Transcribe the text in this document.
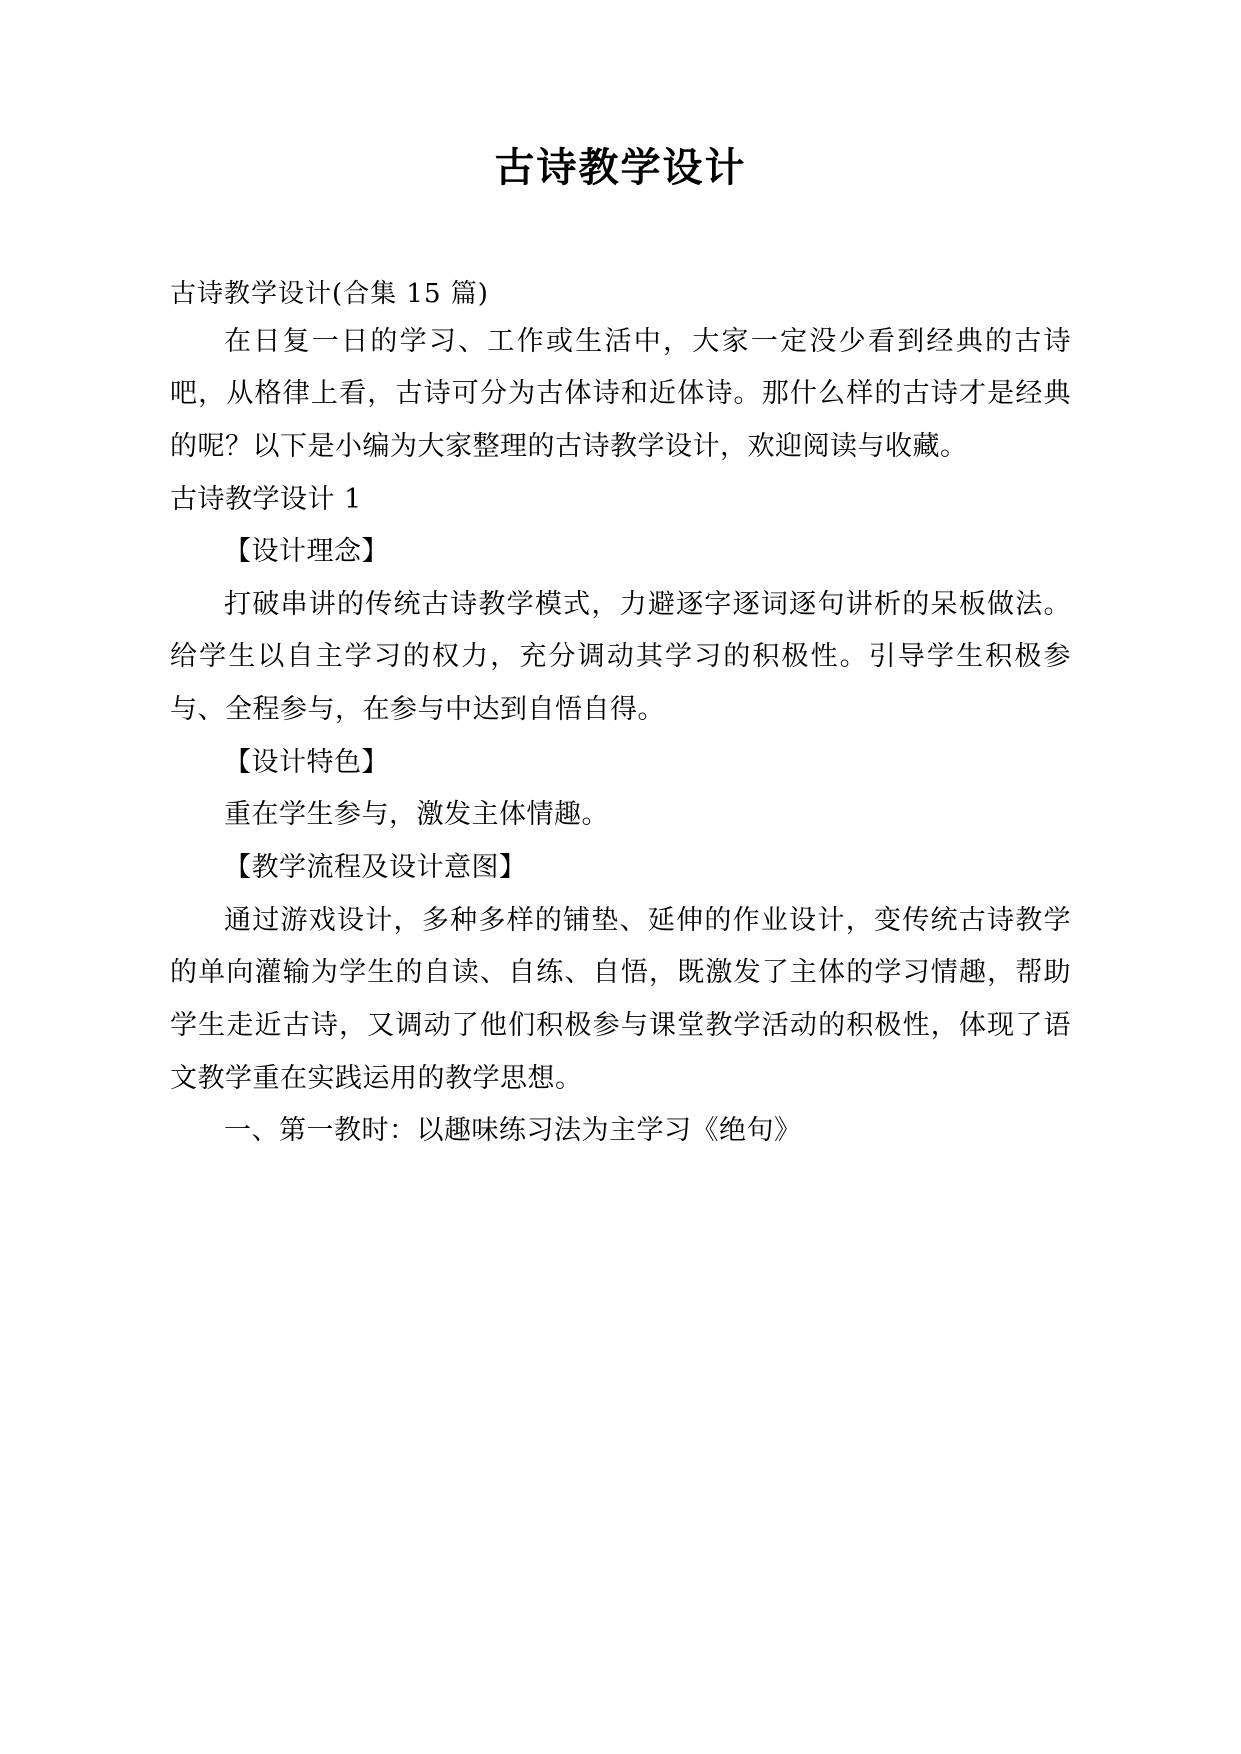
古诗教学设计
古诗教学设计(合集 15 篇)

在日复一日的学习、工作或生活中，大家一定没少看到经典的古诗吧，从格律上看，古诗可分为古体诗和近体诗。那什么样的古诗才是经典的呢？以下是小编为大家整理的古诗教学设计，欢迎阅读与收藏。

古诗教学设计 1

【设计理念】

打破串讲的传统古诗教学模式，力避逐字逐词逐句讲析的呆板做法。给学生以自主学习的权力，充分调动其学习的积极性。引导学生积极参与、全程参与，在参与中达到自悟自得。

【设计特色】

重在学生参与，激发主体情趣。

【教学流程及设计意图】

通过游戏设计，多种多样的铺垫、延伸的作业设计，变传统古诗教学的单向灌输为学生的自读、自练、自悟，既激发了主体的学习情趣，帮助学生走近古诗，又调动了他们积极参与课堂教学活动的积极性，体现了语文教学重在实践运用的教学思想。

一、第一教时：以趣味练习法为主学习《绝句》
